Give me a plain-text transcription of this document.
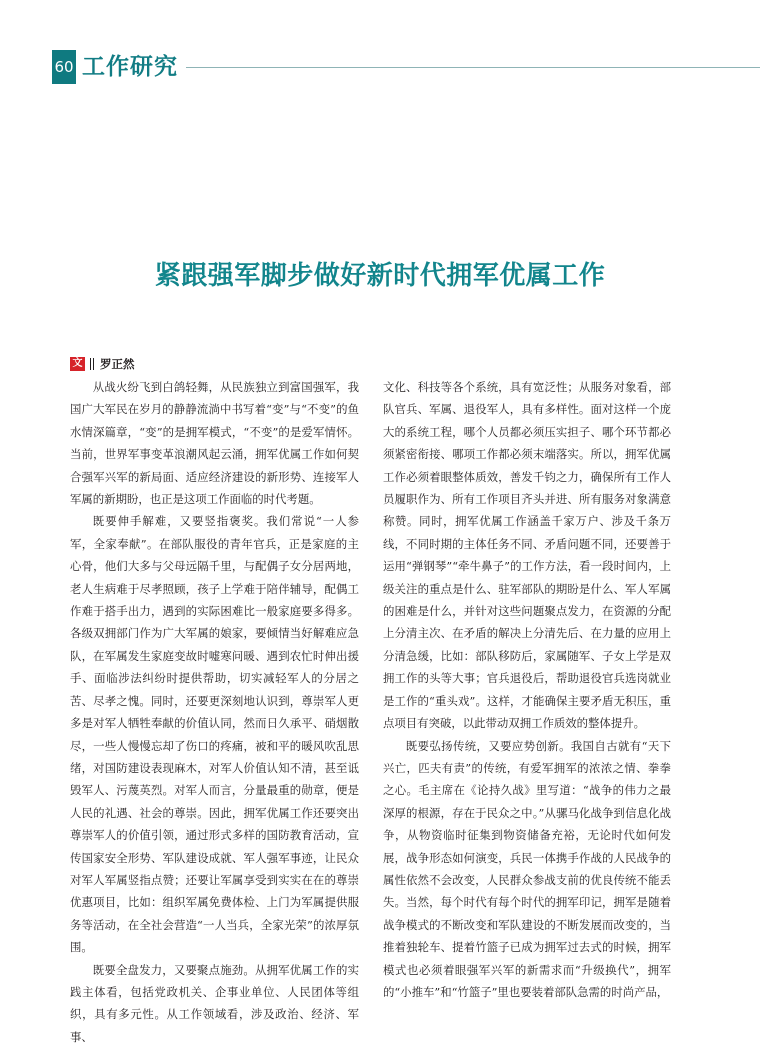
60 工作研究
紧跟强军脚步做好新时代拥军优属工作
文 罗正然

从战火纷飞到白鸽轻舞，从民族独立到富国强军，我国广大军民在岁月的静静流淌中书写着“变”与“不变”的鱼水情深篇章，“变”的是拥军模式，“不变”的是爱军情怀。当前，世界军事变革浪潮风起云涌，拥军优属工作如何契合强军兴军的新局面、适应经济建设的新形势、连接军人军属的新期盼，也正是这项工作面临的时代考题。

既要伸手解难，又要竖指褒奖。我们常说“一人参军，全家奉献”。在部队服役的青年官兵，正是家庭的主心骨，他们大多与父母远隔千里，与配偶子女分居两地，老人生病难于尽孝照顾，孩子上学难于陪伴辅导，配偶工作难于搭手出力，遇到的实际困难比一般家庭要多得多。各级双拥部门作为广大军属的娘家，要倾情当好解难应急队，在军属发生家庭变故时嘘寒问暖、遇到农忙时伸出援手、面临涉法纠纷时提供帮助，切实减轻军人的分居之苦、尽孝之愧。同时，还要更深刻地认识到，尊崇军人更多是对军人牺牲奉献的价值认同，然而日久承平、硝烟散尽，一些人慢慢忘却了伤口的疼痛，被和平的暖风吹乱思绪，对国防建设表现麻木，对军人价值认知不清，甚至诋毁军人、污蔑英烈。对军人而言，分量最重的勋章，便是人民的礼遇、社会的尊崇。因此，拥军优属工作还要突出尊崇军人的价值引领，通过形式多样的国防教育活动，宣传国家安全形势、军队建设成就、军人强军事迹，让民众对军人军属竖指点赞；还要让军属享受到实实在在的尊崇优惠项目，比如：组织军属免费体检、上门为军属提供服务等活动，在全社会营造“一人当兵，全家光荣”的浓厚氛围。

既要全盘发力，又要聚点施劲。从拥军优属工作的实践主体看，包括党政机关、企事业单位、人民团体等组织，具有多元性。从工作领域看，涉及政治、经济、军事、

文化、科技等各个系统，具有宽泛性；从服务对象看，部队官兵、军属、退役军人，具有多样性。面对这样一个庞大的系统工程，哪个人员都必须压实担子、哪个环节都必须紧密衔接、哪项工作都必须末端落实。所以，拥军优属工作必须着眼整体质效，善发千钧之力，确保所有工作人员履职作为、所有工作项目齐头并进、所有服务对象满意称赞。同时，拥军优属工作涵盖千家万户、涉及千条万线，不同时期的主体任务不同、矛盾问题不同，还要善于运用“弹钢琴”“牵牛鼻子”的工作方法，看一段时间内，上级关注的重点是什么、驻军部队的期盼是什么、军人军属的困难是什么，并针对这些问题聚点发力，在资源的分配上分清主次、在矛盾的解决上分清先后、在力量的应用上分清急缓，比如：部队移防后，家属随军、子女上学是双拥工作的头等大事；官兵退役后，帮助退役官兵选岗就业是工作的“重头戏”。这样，才能确保主要矛盾无积压，重点项目有突破，以此带动双拥工作质效的整体提升。

既要弘扬传统，又要应势创新。我国自古就有“天下兴亡，匹夫有责”的传统，有爱军拥军的浓浓之情、拳拳之心。毛主席在《论持久战》里写道：“战争的伟力之最深厚的根源，存在于民众之中。”从骡马化战争到信息化战争，从物资临时征集到物资储备充裕，无论时代如何发展，战争形态如何演变，兵民一体携手作战的人民战争的属性依然不会改变，人民群众参战支前的优良传统不能丢失。当然，每个时代有每个时代的拥军印记，拥军是随着战争模式的不断改变和军队建设的不断发展而改变的，当推着独轮车、提着竹篮子已成为拥军过去式的时候，拥军模式也必须着眼强军兴军的新需求而“升级换代”，拥军的“小推车”和“竹篮子”里也要装着部队急需的时尚产品，
